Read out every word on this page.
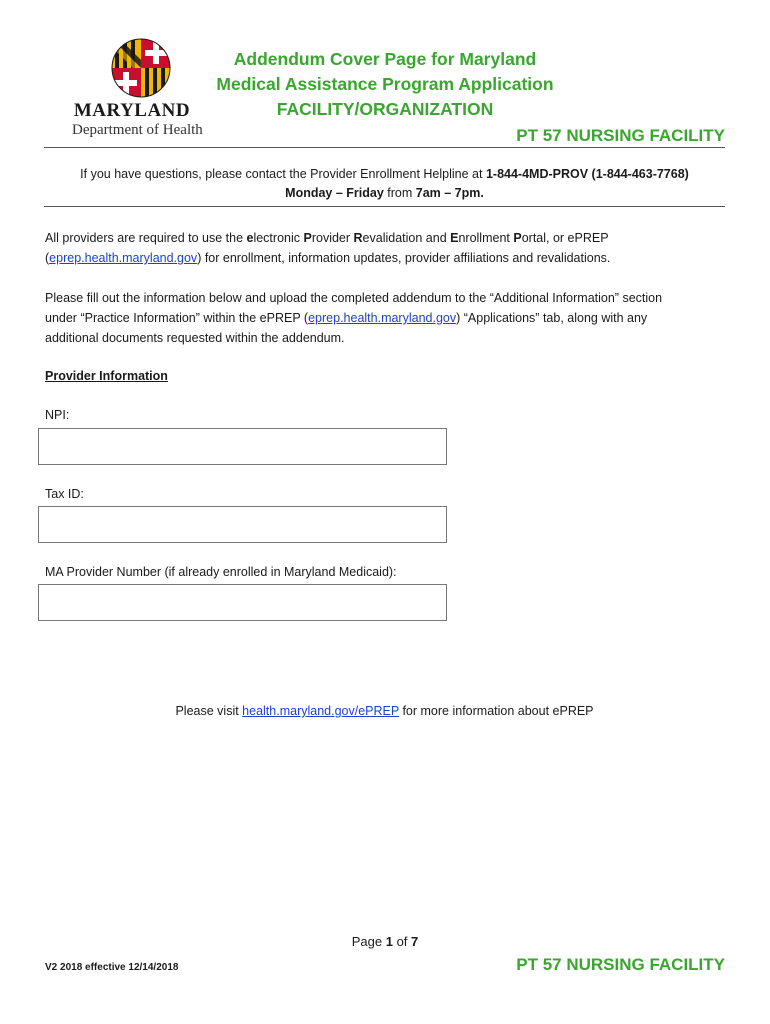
MARYLAND
Department of Health
Addendum Cover Page for Maryland
Medical Assistance Program Application
FACILITY/ORGANIZATION
PT 57 NURSING FACILITY
If you have questions, please contact the Provider Enrollment Helpline at 1-844-4MD-PROV (1-844-463-7768)
Monday – Friday from 7am – 7pm.
All providers are required to use the electronic Provider Revalidation and Enrollment Portal, or ePREP
(eprep.health.maryland.gov) for enrollment, information updates, provider affiliations and revalidations.
Please fill out the information below and upload the completed addendum to the “Additional Information” section
under “Practice Information” within the ePREP (eprep.health.maryland.gov) “Applications” tab, along with any
additional documents requested within the addendum.
Provider Information
NPI:
Tax ID:
MA Provider Number (if already enrolled in Maryland Medicaid):
Please visit health.maryland.gov/ePREP for more information about ePREP
Page 1 of 7
V2 2018 effective 12/14/2018	PT 57 NURSING FACILITY
